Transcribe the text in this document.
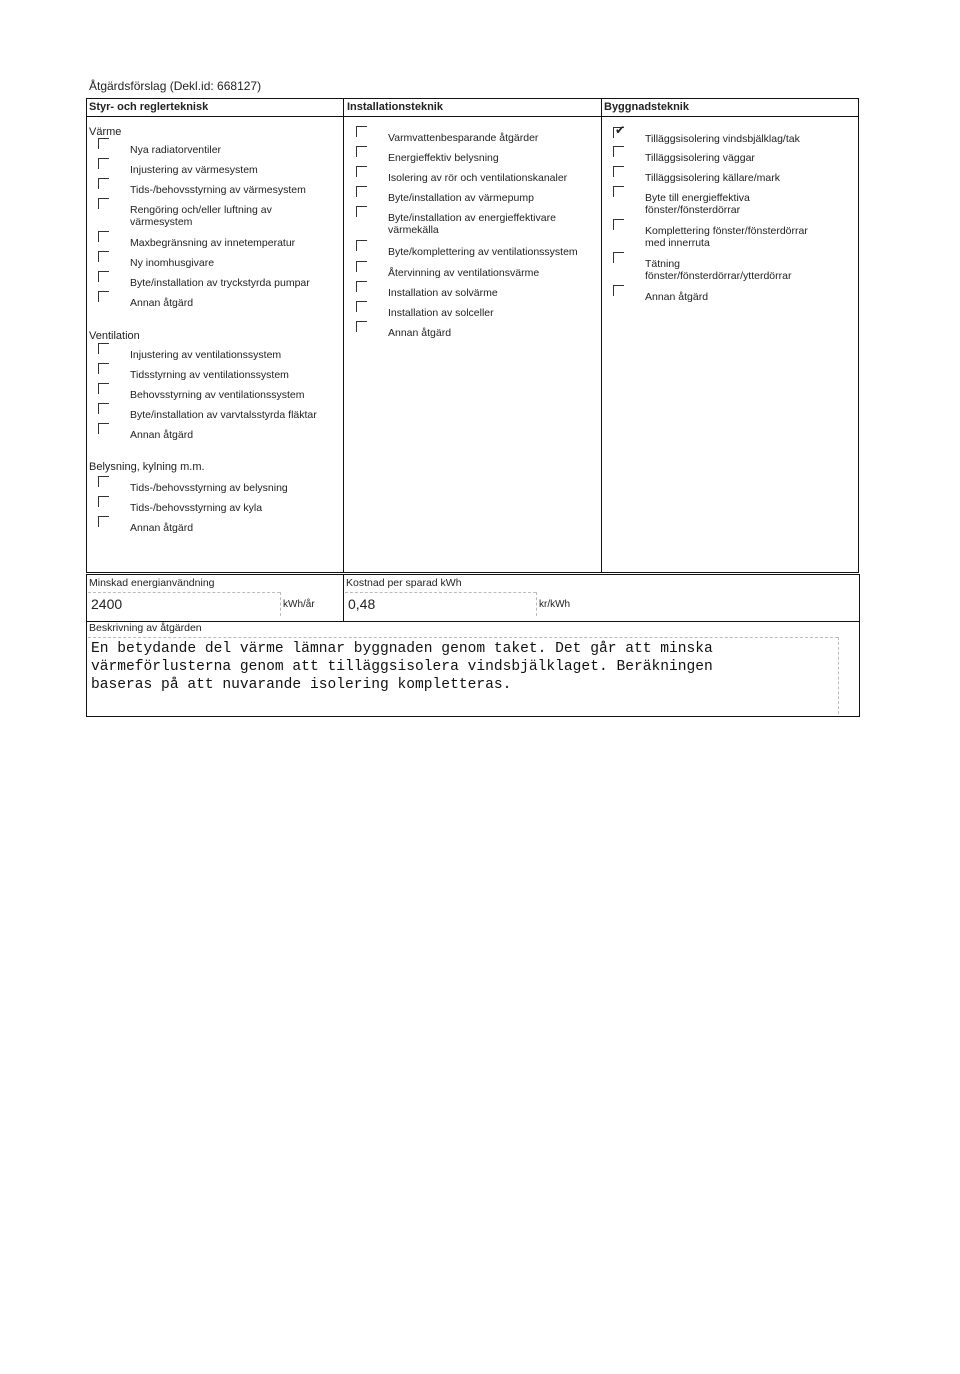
Åtgärdsförslag (Dekl.id: 668127)
Styr- och reglerteknisk	Installationsteknik	Byggnadsteknik
Värme
Ventilation
Belysning, kylning m.m.
Nya radiatorventiler
Injustering av värmesystem
Tids-/behovsstyrning av värmesystem
Rengöring och/eller luftning av
värmesystem
Maxbegränsning av innetemperatur
Ny inomhusgivare
Byte/installation av tryckstyrda pumpar
Annan åtgärd
Injustering av ventilationssystem
Tidsstyrning av ventilationssystem
Behovsstyrning av ventilationssystem
Byte/installation av varvtalsstyrda fläktar
Annan åtgärd
Tids-/behovsstyrning av belysning
Tids-/behovsstyrning av kyla
Annan åtgärd
Varmvattenbesparande åtgärder
Energieffektiv belysning
Isolering av rör och ventilationskanaler
Byte/installation av värmepump
Byte/installation av energieffektivare
värmekälla
Byte/komplettering av ventilationssystem
Återvinning av ventilationsvärme
Installation av solvärme
Installation av solceller
Annan åtgärd
✔
Tilläggsisolering vindsbjälklag/tak
Tilläggsisolering väggar
Tilläggsisolering källare/mark
Byte till energieffektiva
fönster/fönsterdörrar
Komplettering fönster/fönsterdörrar
med innerruta
Tätning
fönster/fönsterdörrar/ytterdörrar
Annan åtgärd
Minskad energianvändning	Kostnad per sparad kWh
2400	kWh/år 0,48	kr/kWh
Beskrivning av åtgärden
En betydande del värme lämnar byggnaden genom taket. Det går att minska
värmeförlusterna genom att tilläggsisolera vindsbjälklaget. Beräkningen
baseras på att nuvarande isolering kompletteras.
